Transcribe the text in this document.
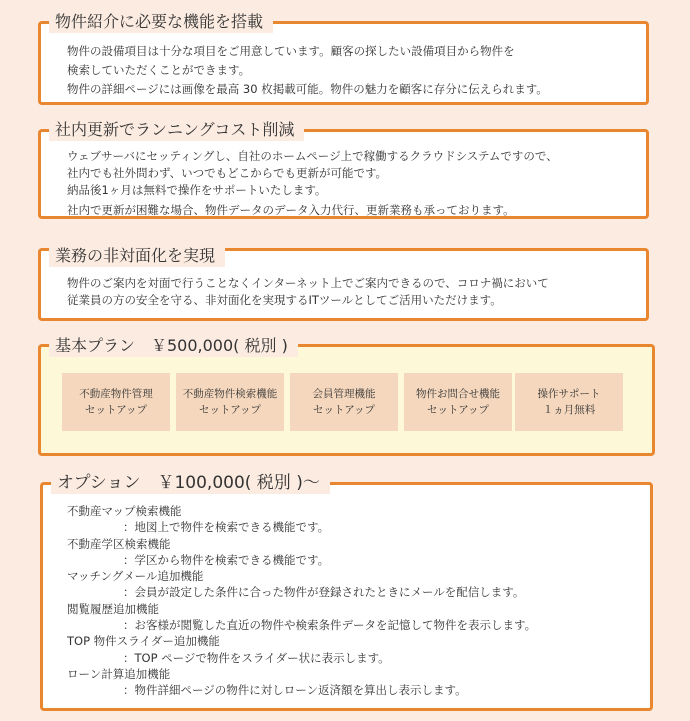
物件紹介に必要な機能を搭載
物件の設備項目は十分な項目をご用意しています。顧客の探したい設備項目から物件を
検索していただくことができます。
物件の詳細ページには画像を最高 30 枚掲載可能。物件の魅力を顧客に存分に伝えられます。
社内更新でランニングコスト削減
ウェブサーバにセッティングし、自社のホームページ上で稼働するクラウドシステムですので、
社内でも社外問わず、いつでもどこからでも更新が可能です。
納品後1ヶ月は無料で操作をサポートいたします。
社内で更新が困難な場合、物件データのデータ入力代行、更新業務も承っております。
業務の非対面化を実現
物件のご案内を対面で行うことなくインターネット上でご案内できるので、コロナ禍において
従業員の方の安全を守る、非対面化を実現するITツールとしてご活用いただけます。
基本プラン　￥500,000( 税別 )
不動産物件管理
セットアップ
不動産物件検索機能
セットアップ
会員管理機能
セットアップ
物件お問合せ機能
セットアップ
操作サポート
１ヵ月無料
オプション　￥100,000( 税別 )～
不動産マップ検索機能
：地図上で物件を検索できる機能です。
不動産学区検索機能
：学区から物件を検索できる機能です。
マッチングメール追加機能
：会員が設定した条件に合った物件が登録されたときにメールを配信します。
閲覧履歴追加機能
：お客様が閲覧した直近の物件や検索条件データを記憶して物件を表示します。
TOP 物件スライダー追加機能
：TOP ページで物件をスライダー状に表示します。
ローン計算追加機能
：物件詳細ページの物件に対しローン返済額を算出し表示します。
